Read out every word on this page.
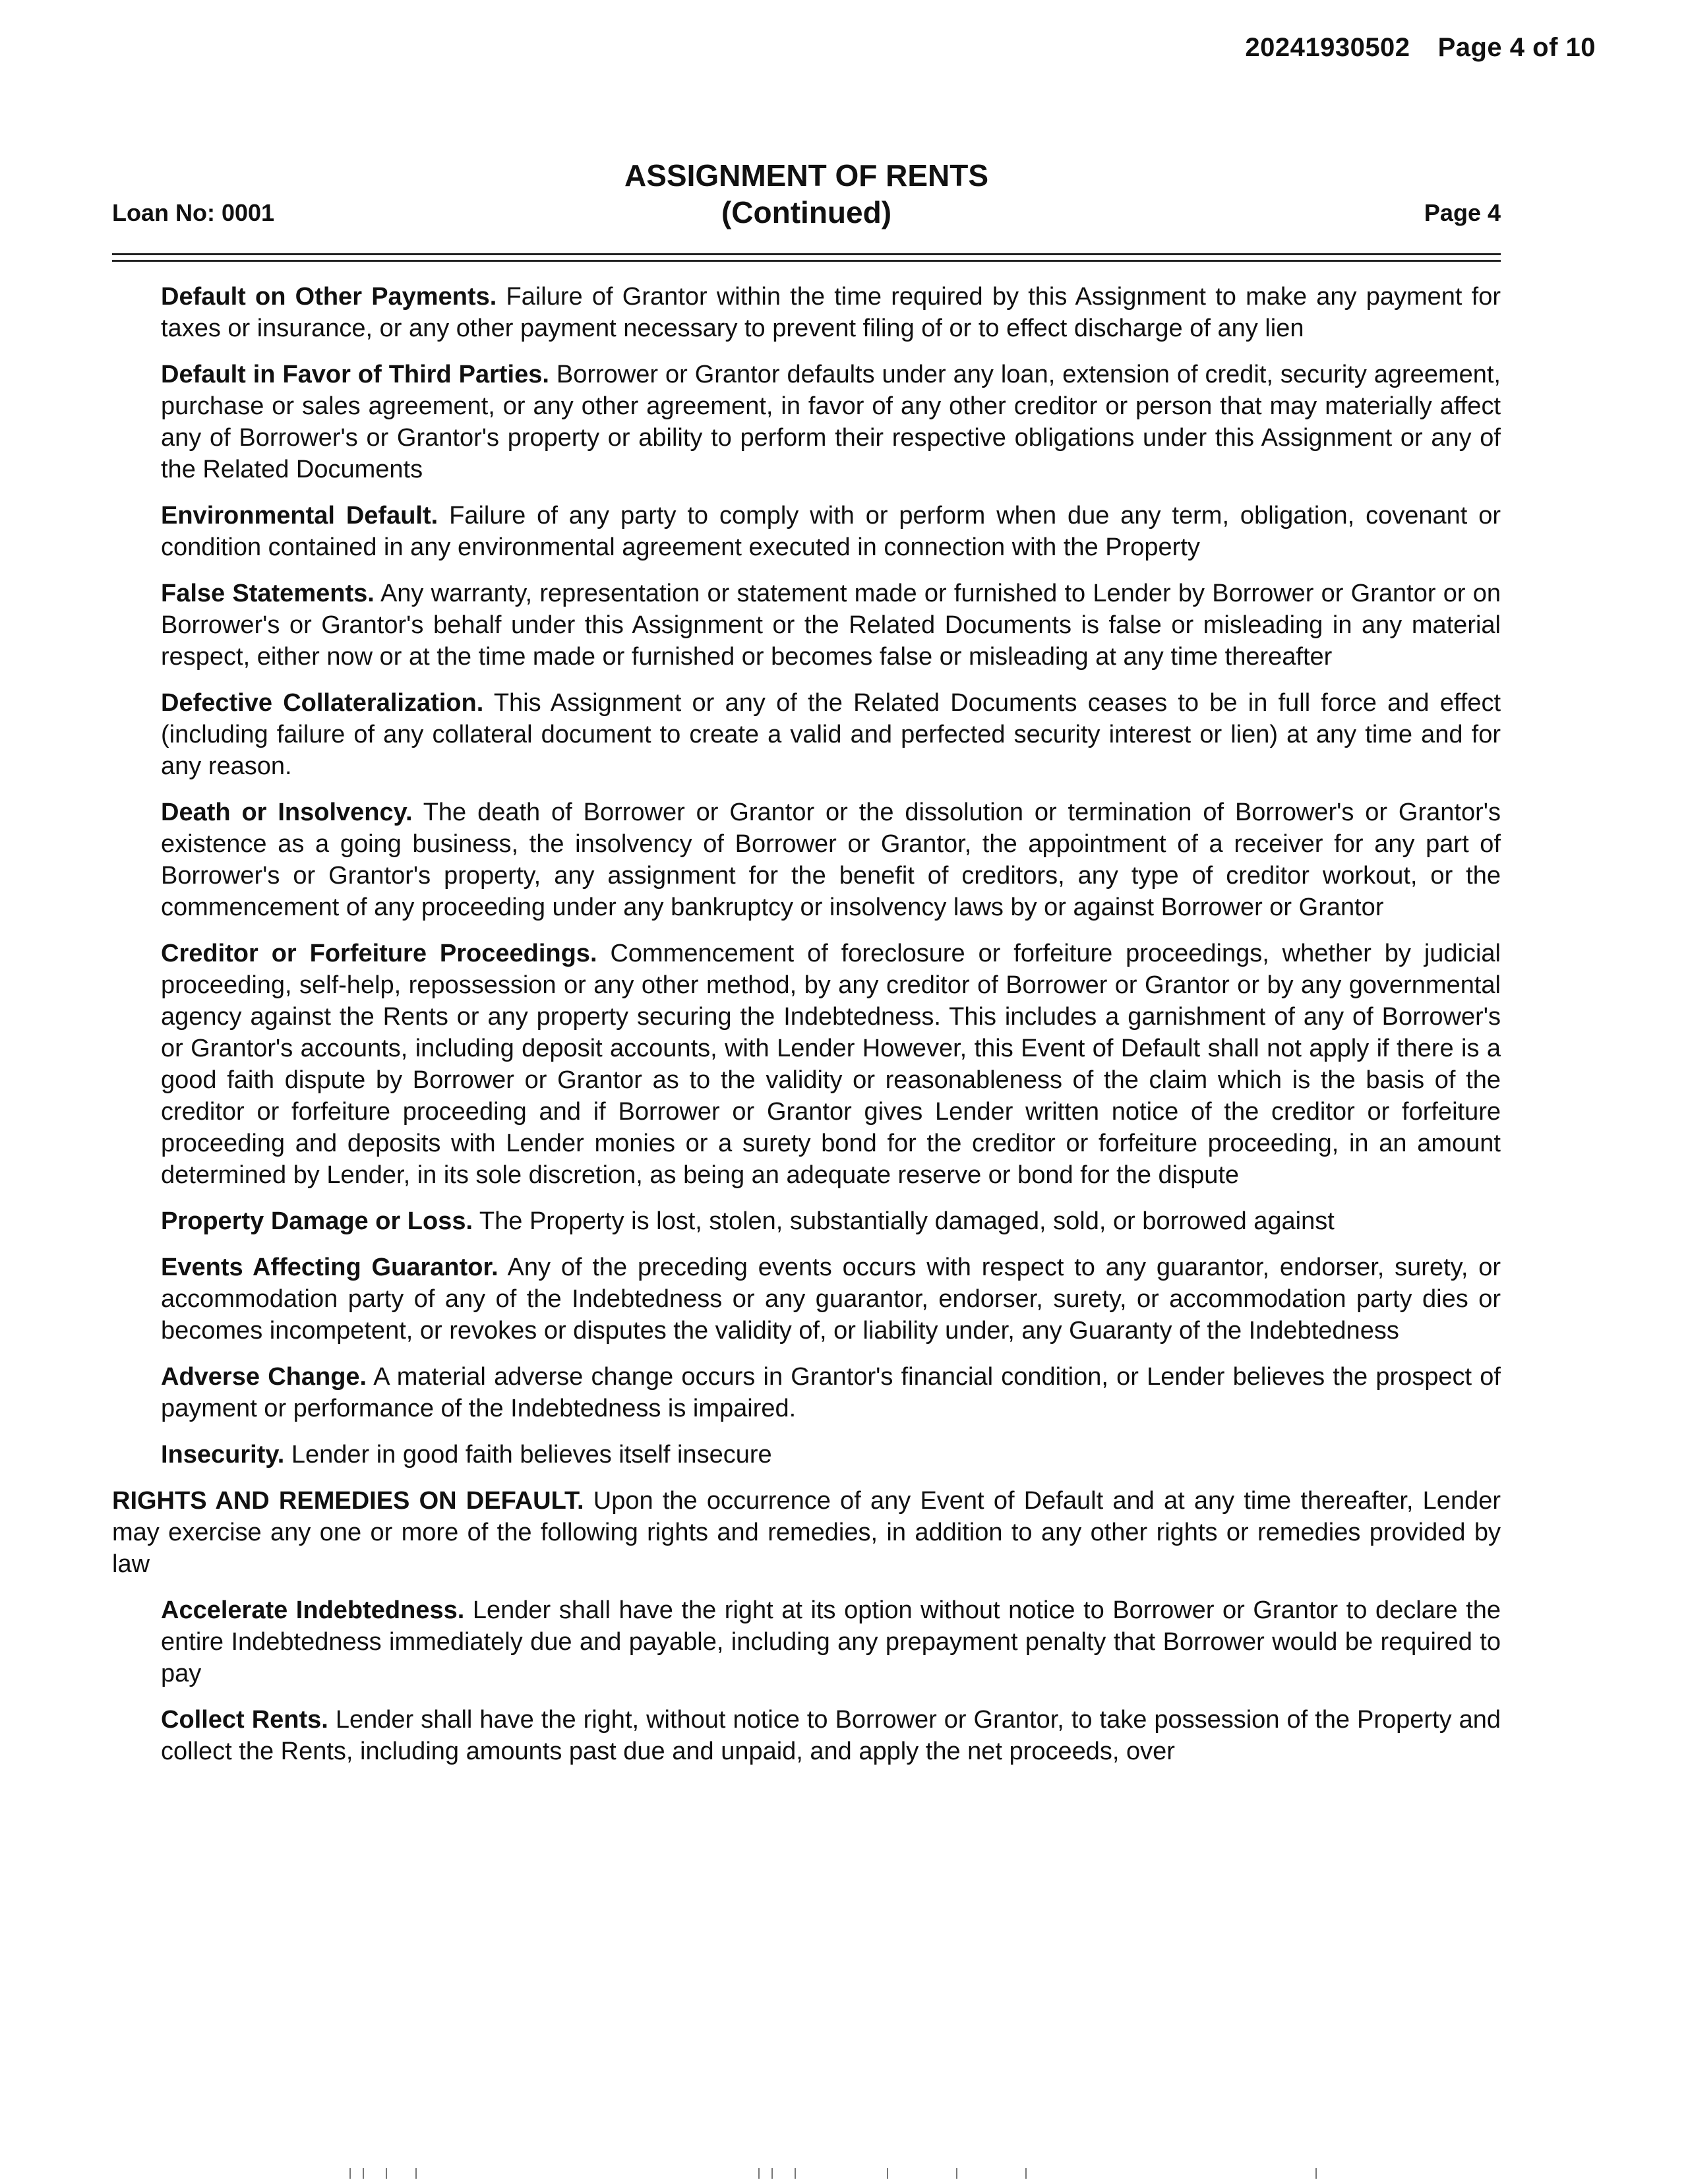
20241930502 Page 4 of 10
Loan No: 0001
ASSIGNMENT OF RENTS
(Continued)	Page 4

Default on Other Payments. Failure of Grantor within the time required by this Assignment to make any payment for taxes or insurance, or any other payment necessary to prevent filing of or to effect discharge of any lien

Default in Favor of Third Parties. Borrower or Grantor defaults under any loan, extension of credit, security agreement, purchase or sales agreement, or any other agreement, in favor of any other creditor or person that may materially affect any of Borrower's or Grantor's property or ability to perform their respective obligations under this Assignment or any of the Related Documents

Environmental Default. Failure of any party to comply with or perform when due any term, obligation, covenant or condition contained in any environmental agreement executed in connection with the Property

False Statements. Any warranty, representation or statement made or furnished to Lender by Borrower or Grantor or on Borrower's or Grantor's behalf under this Assignment or the Related Documents is false or misleading in any material respect, either now or at the time made or furnished or becomes false or misleading at any time thereafter

Defective Collateralization. This Assignment or any of the Related Documents ceases to be in full force and effect (including failure of any collateral document to create a valid and perfected security interest or lien) at any time and for any reason.

Death or Insolvency. The death of Borrower or Grantor or the dissolution or termination of Borrower's or Grantor's existence as a going business, the insolvency of Borrower or Grantor, the appointment of a receiver for any part of Borrower's or Grantor's property, any assignment for the benefit of creditors, any type of creditor workout, or the commencement of any proceeding under any bankruptcy or insolvency laws by or against Borrower or Grantor

Creditor or Forfeiture Proceedings. Commencement of foreclosure or forfeiture proceedings, whether by judicial proceeding, self-help, repossession or any other method, by any creditor of Borrower or Grantor or by any governmental agency against the Rents or any property securing the Indebtedness. This includes a garnishment of any of Borrower's or Grantor's accounts, including deposit accounts, with Lender However, this Event of Default shall not apply if there is a good faith dispute by Borrower or Grantor as to the validity or reasonableness of the claim which is the basis of the creditor or forfeiture proceeding and if Borrower or Grantor gives Lender written notice of the creditor or forfeiture proceeding and deposits with Lender monies or a surety bond for the creditor or forfeiture proceeding, in an amount determined by Lender, in its sole discretion, as being an adequate reserve or bond for the dispute

Property Damage or Loss. The Property is lost, stolen, substantially damaged, sold, or borrowed against

Events Affecting Guarantor. Any of the preceding events occurs with respect to any guarantor, endorser, surety, or accommodation party of any of the Indebtedness or any guarantor, endorser, surety, or accommodation party dies or becomes incompetent, or revokes or disputes the validity of, or liability under, any Guaranty of the Indebtedness

Adverse Change. A material adverse change occurs in Grantor's financial condition, or Lender believes the prospect of payment or performance of the Indebtedness is impaired.

Insecurity. Lender in good faith believes itself insecure

RIGHTS AND REMEDIES ON DEFAULT. Upon the occurrence of any Event of Default and at any time thereafter, Lender may exercise any one or more of the following rights and remedies, in addition to any other rights or remedies provided by law

Accelerate Indebtedness. Lender shall have the right at its option without notice to Borrower or Grantor to declare the entire Indebtedness immediately due and payable, including any prepayment penalty that Borrower would be required to pay

Collect Rents. Lender shall have the right, without notice to Borrower or Grantor, to take possession of the Property and collect the Rents, including amounts past due and unpaid, and apply the net proceeds, over
